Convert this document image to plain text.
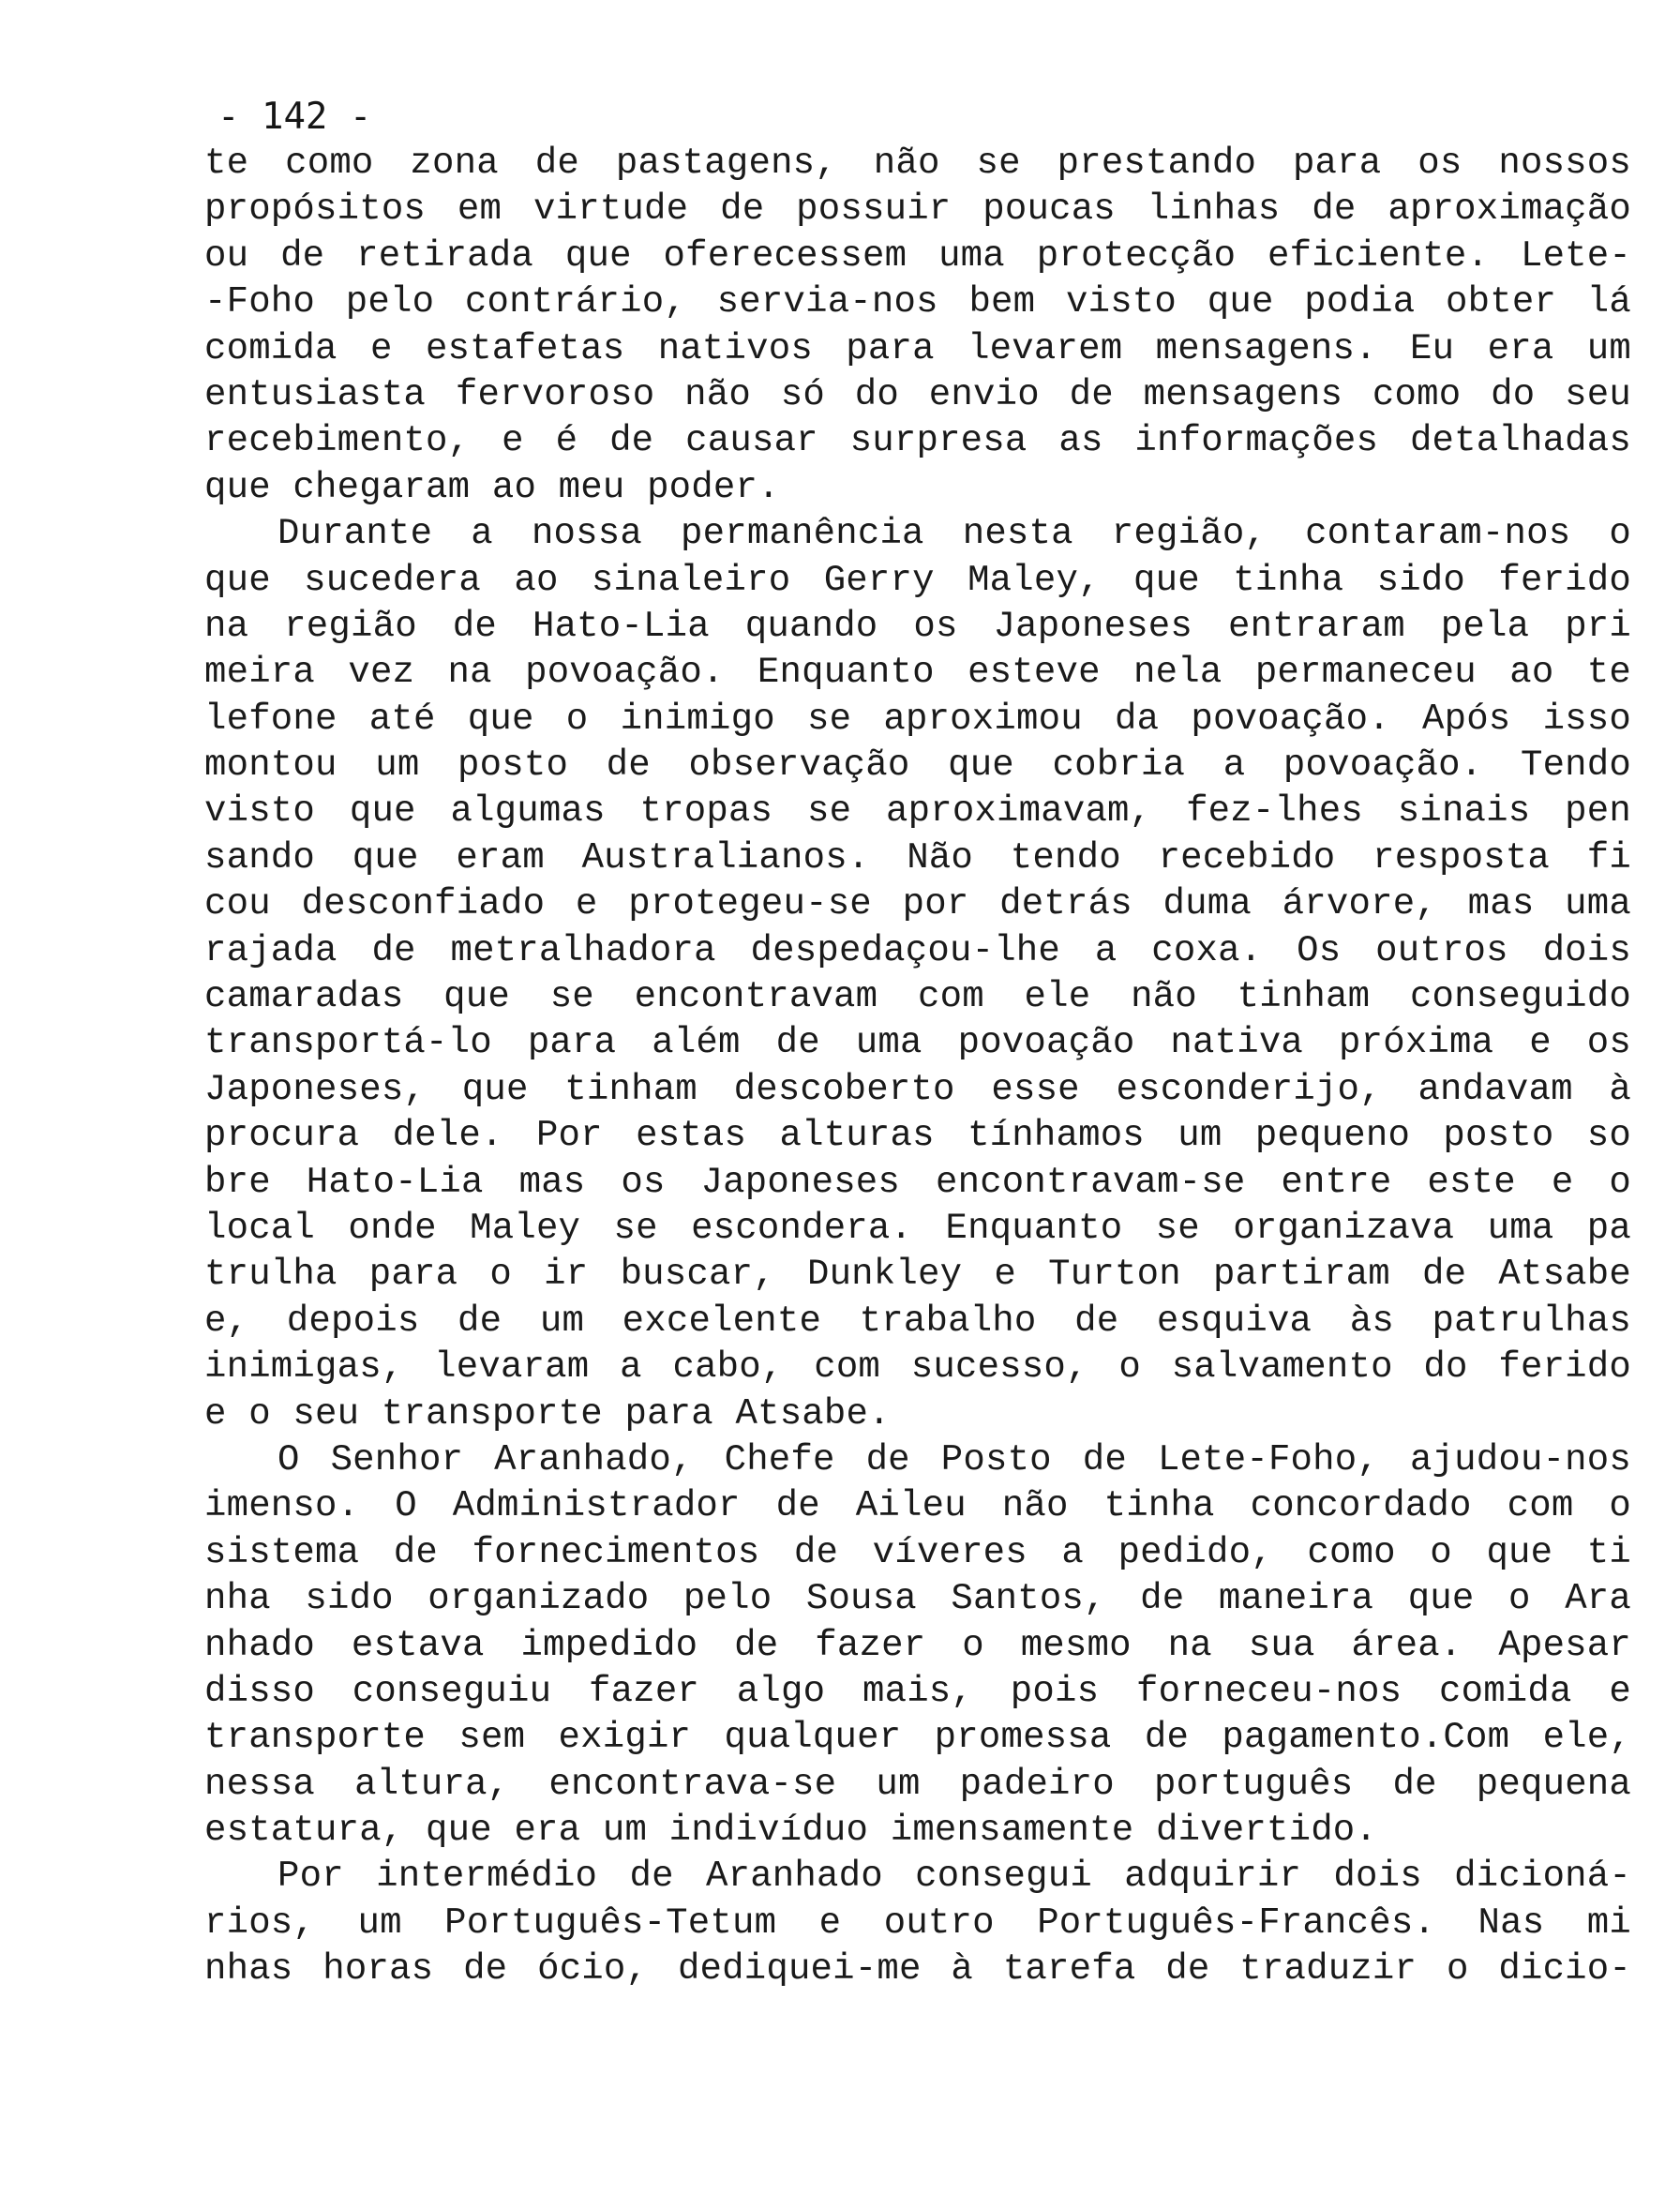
- 142 -
te como zona de pastagens, não se prestando para os nossos
propósitos em virtude de possuir poucas linhas de aproximação
ou de retirada que oferecessem uma protecção eficiente. Lete-
-Foho pelo contrário, servia-nos bem visto que podia obter lá
comida e estafetas nativos para levarem mensagens. Eu era um
entusiasta fervoroso não só do envio de mensagens como do seu
recebimento, e é de causar surpresa as informações detalhadas
que chegaram ao meu poder.
Durante a nossa permanência nesta região, contaram-nos o
que sucedera ao sinaleiro Gerry Maley, que tinha sido ferido
na região de Hato-Lia quando os Japoneses entraram pela pri
meira vez na povoação. Enquanto esteve nela permaneceu ao te
lefone até que o inimigo se aproximou da povoação. Após isso
montou um posto de observação que cobria a povoação. Tendo
visto que algumas tropas se aproximavam, fez-lhes sinais pen
sando que eram Australianos. Não tendo recebido resposta fi
cou desconfiado e protegeu-se por detrás duma árvore, mas uma
rajada de metralhadora despedaçou-lhe a coxa. Os outros dois
camaradas que se encontravam com ele não tinham conseguido
transportá-lo para além de uma povoação nativa próxima e os
Japoneses, que tinham descoberto esse esconderijo, andavam à
procura dele. Por estas alturas tínhamos um pequeno posto so
bre Hato-Lia mas os Japoneses encontravam-se entre este e o
local onde Maley se escondera. Enquanto se organizava uma pa
trulha para o ir buscar, Dunkley e Turton partiram de Atsabe
e, depois de um excelente trabalho de esquiva às patrulhas
inimigas, levaram a cabo, com sucesso, o salvamento do ferido
e o seu transporte para Atsabe.
O Senhor Aranhado, Chefe de Posto de Lete-Foho, ajudou-nos
imenso. O Administrador de Aileu não tinha concordado com o
sistema de fornecimentos de víveres a pedido, como o que ti
nha sido organizado pelo Sousa Santos, de maneira que o Ara
nhado estava impedido de fazer o mesmo na sua área. Apesar
disso conseguiu fazer algo mais, pois forneceu-nos comida e
transporte sem exigir qualquer promessa de pagamento.Com ele,
nessa altura, encontrava-se um padeiro português de pequena
estatura, que era um indivíduo imensamente divertido.
Por intermédio de Aranhado consegui adquirir dois dicioná-
rios, um Português-Tetum e outro Português-Francês. Nas mi
nhas horas de ócio, dediquei-me à tarefa de traduzir o dicio-
